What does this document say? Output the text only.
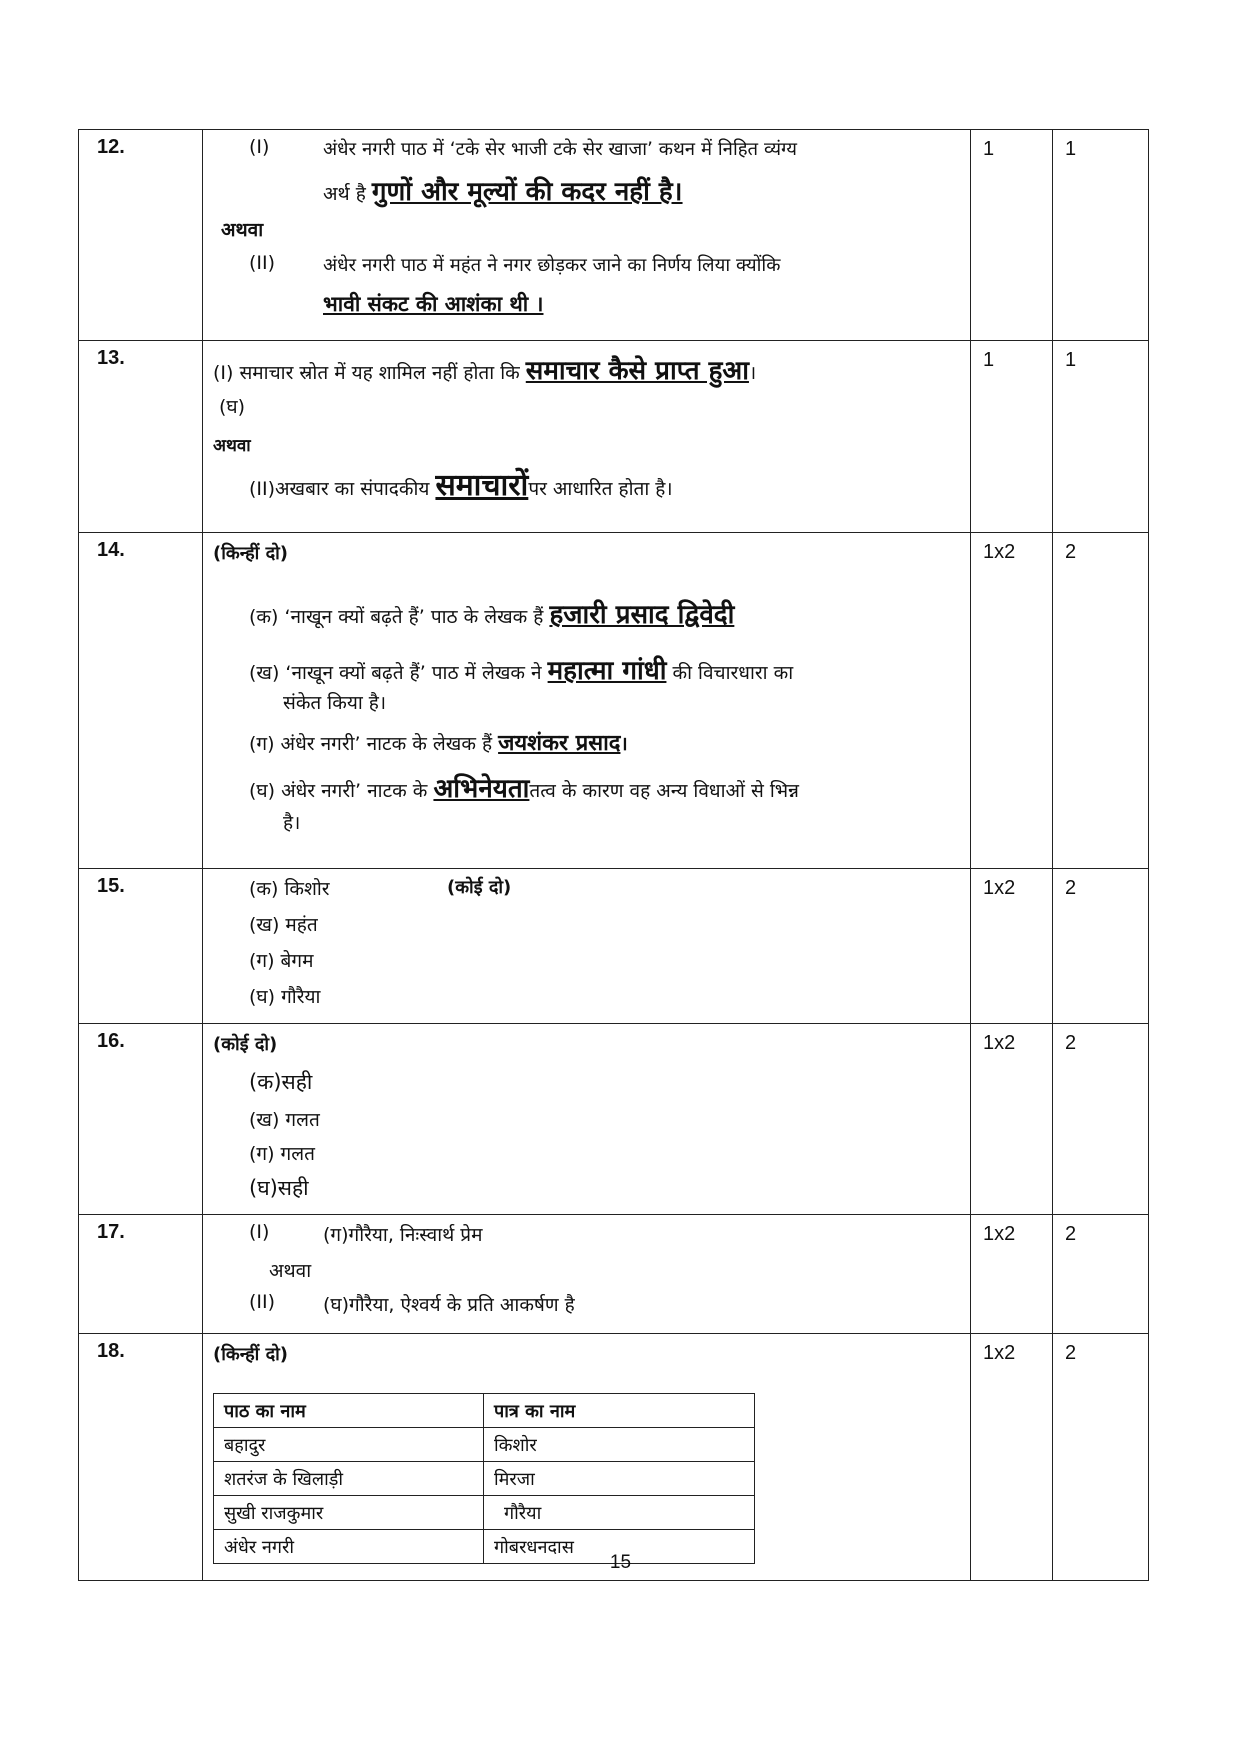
12.	(I)	अंधेर नगरी पाठ में ‘टके सेर भाजी टके सेर खाजा’ कथन में निहित व्यंग्य
अर्थ है गुणों और मूल्यों की कदर नहीं है।
अथवा
(II)	अंधेर नगरी पाठ में महंत ने नगर छोड़कर जाने का निर्णय लिया क्योंकि
भावी संकट की आशंका थी ।
	1	1
13.	
(I) समाचार स्रोत में यह शामिल नहीं होता कि समाचार कैसे प्राप्त हुआ।
(घ)
अथवा
(II)अखबार का संपादकीय समाचारोंपर आधारित होता है।
	1	1
14.	(किन्हीं दो)
(क) ‘नाखून क्यों बढ़ते हैं’ पाठ के लेखक हैं हजारी प्रसाद द्विवेदी
(ख) ‘नाखून क्यों बढ़ते हैं’ पाठ में लेखक ने महात्मा गांधी की विचारधारा का
संकेत किया है।
(ग) अंधेर नगरी’ नाटक के लेखक हैं जयशंकर प्रसाद।
(घ) अंधेर नगरी’ नाटक के अभिनेयतातत्व के कारण वह अन्य विधाओं से भिन्न
है।
	1x2	2
15.	(क) किशोर	(कोई दो)
(ख) महंत
(ग) बेगम
(घ) गौरैया
	1x2	2
16.	(कोई दो)
(क)सही
(ख) गलत
(ग) गलत
(घ)सही
	1x2	2
17.	(I)	(ग)गौरैया, निःस्वार्थ प्रेम
अथवा
(II)	(घ)गौरैया, ऐश्वर्य के प्रति आकर्षण है
	1x2	2
18.	(किन्हीं दो)
पाठ का नाम	पात्र का नाम
बहादुर	किशोर
शतरंज के खिलाड़ी	मिरजा
सुखी राजकुमार	गौरैया
अंधेर नगरी	गोबरधनदास
	1x2	2
15
